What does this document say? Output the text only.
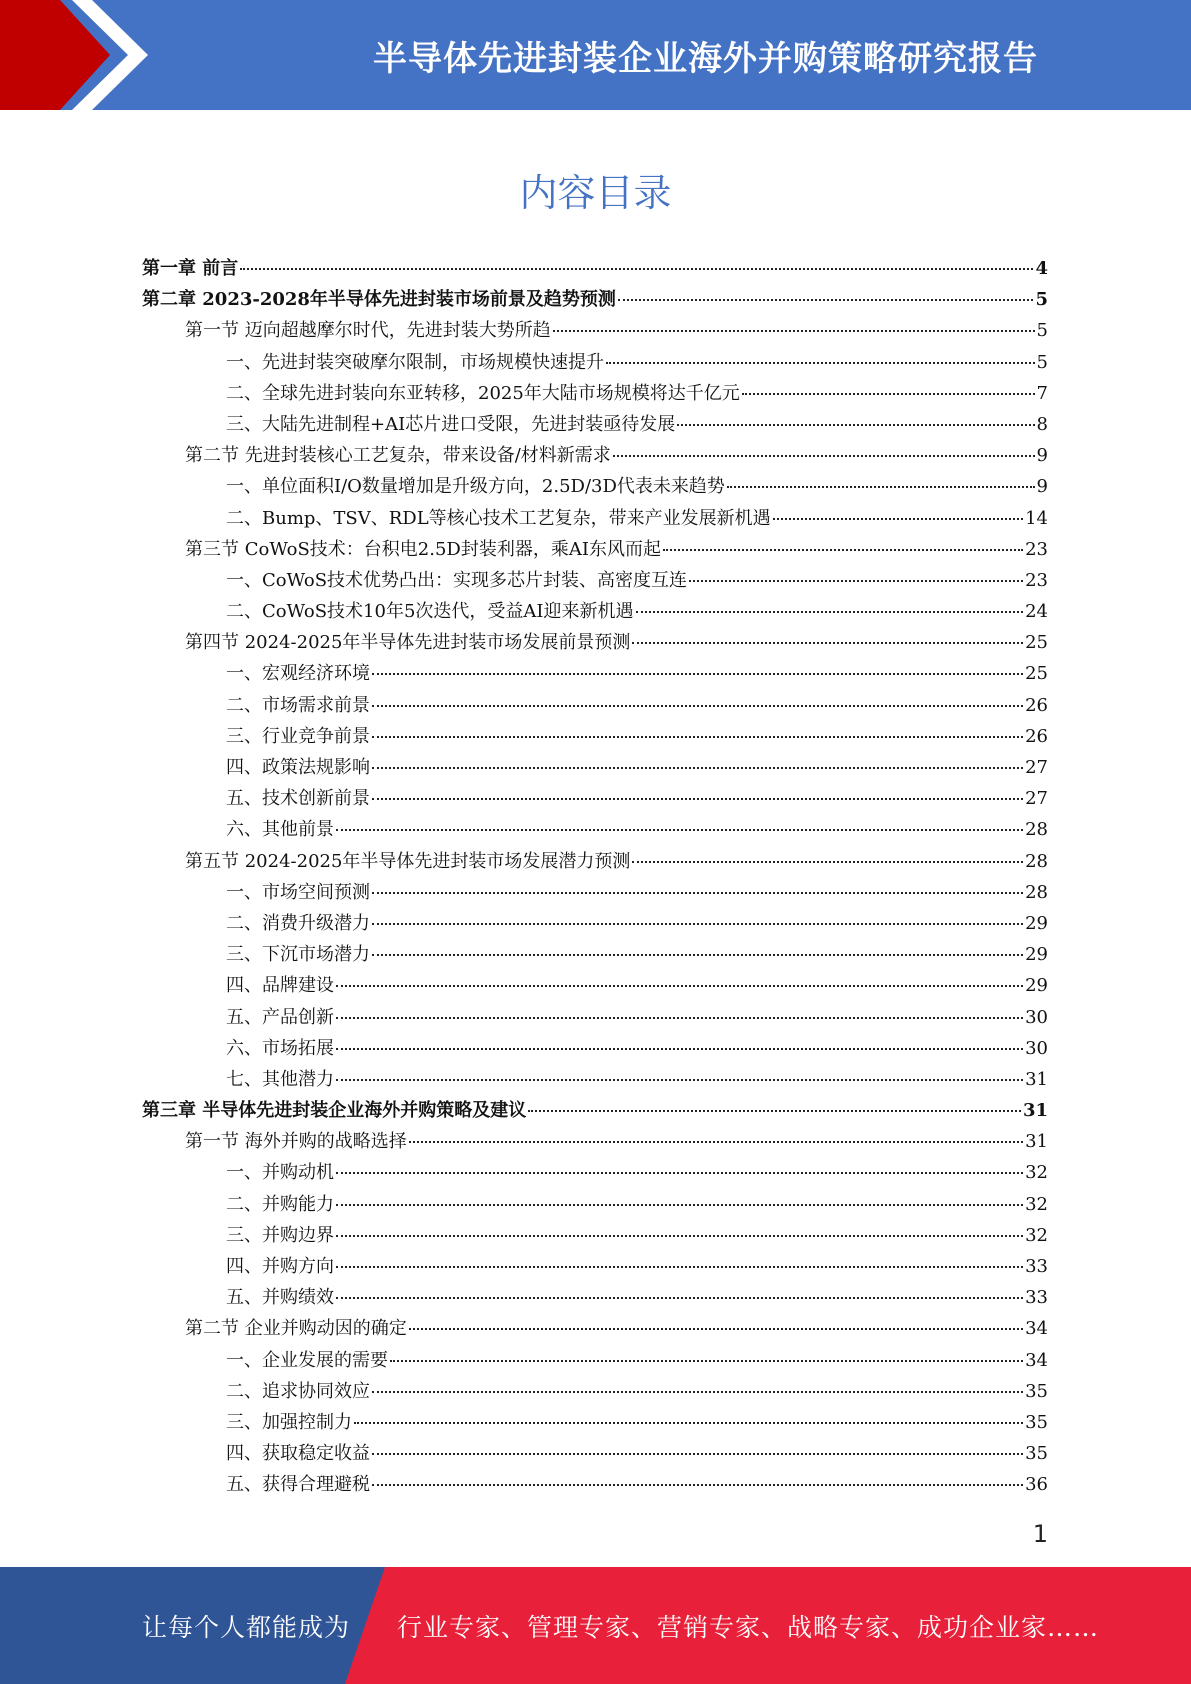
半导体先进封装企业海外并购策略研究报告
内容目录
第一章 前言	4
第二章 2023-2028年半导体先进封装市场前景及趋势预测	5
第一节 迈向超越摩尔时代，先进封装大势所趋	5
一、先进封装突破摩尔限制，市场规模快速提升	5
二、全球先进封装向东亚转移，2025年大陆市场规模将达千亿元	7
三、大陆先进制程+AI芯片进口受限，先进封装亟待发展	8
第二节 先进封装核心工艺复杂，带来设备/材料新需求	9
一、单位面积I/O数量增加是升级方向，2.5D/3D代表未来趋势	9
二、Bump、TSV、RDL等核心技术工艺复杂，带来产业发展新机遇	14
第三节 CoWoS技术：台积电2.5D封装利器，乘AI东风而起	23
一、CoWoS技术优势凸出：实现多芯片封装、高密度互连	23
二、CoWoS技术10年5次迭代，受益AI迎来新机遇	24
第四节 2024-2025年半导体先进封装市场发展前景预测	25
一、宏观经济环境	25
二、市场需求前景	26
三、行业竞争前景	26
四、政策法规影响	27
五、技术创新前景	27
六、其他前景	28
第五节 2024-2025年半导体先进封装市场发展潜力预测	28
一、市场空间预测	28
二、消费升级潜力	29
三、下沉市场潜力	29
四、品牌建设	29
五、产品创新	30
六、市场拓展	30
七、其他潜力	31
第三章 半导体先进封装企业海外并购策略及建议	31
第一节 海外并购的战略选择	31
一、并购动机	32
二、并购能力	32
三、并购边界	32
四、并购方向	33
五、并购绩效	33
第二节 企业并购动因的确定	34
一、企业发展的需要	34
二、追求协同效应	35
三、加强控制力	35
四、获取稳定收益	35
五、获得合理避税	36
1
让每个人都能成为 行业专家、管理专家、营销专家、战略专家、成功企业家……
